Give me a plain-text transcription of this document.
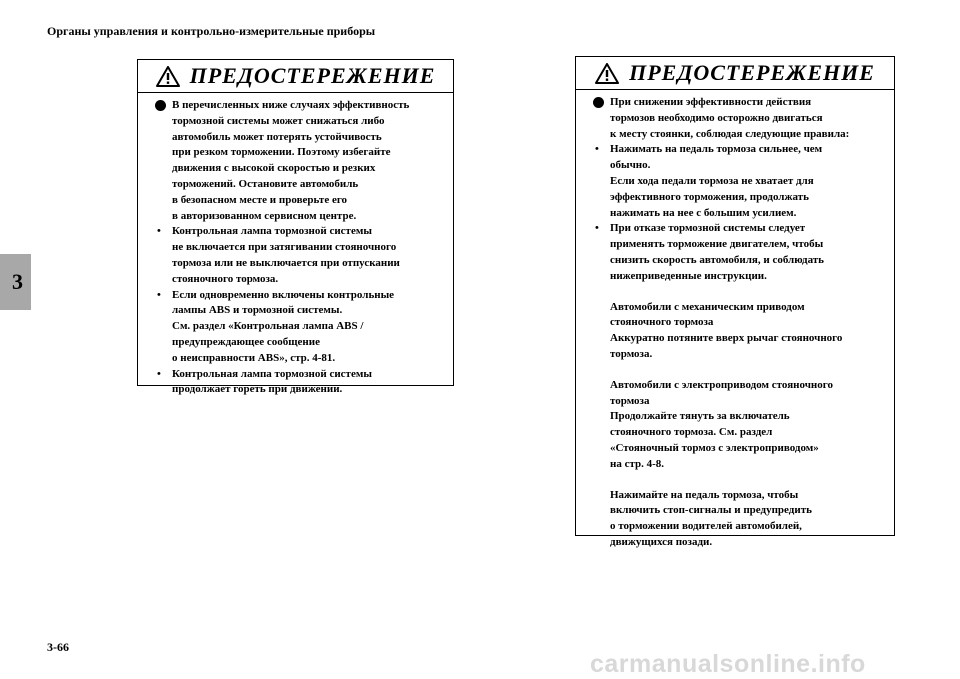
Органы управления и контрольно-измерительные приборы
3
ПРЕДОСТЕРЕЖЕНИЕ
В перечисленных ниже случаях эффективность
тормозной системы может снижаться либо
автомобиль может потерять устойчивость
при резком торможении. Поэтому избегайте
движения с высокой скоростью и резких
торможений. Остановите автомобиль
в безопасном месте и проверьте его
в авторизованном сервисном центре.
• Контрольная лампа тормозной системы
не включается при затягивании стояночного
тормоза или не выключается при отпускании
стояночного тормоза.
• Если одновременно включены контрольные
лампы ABS и тормозной системы.
См. раздел «Контрольная лампа ABS /
предупреждающее сообщение
о неисправности ABS», стр. 4-81.
• Контрольная лампа тормозной системы
продолжает гореть при движении.
ПРЕДОСТЕРЕЖЕНИЕ
При снижении эффективности действия
тормозов необходимо осторожно двигаться
к месту стоянки, соблюдая следующие правила:
• Нажимать на педаль тормоза сильнее, чем
обычно.
Если хода педали тормоза не хватает для
эффективного торможения, продолжать
нажимать на нее с большим усилием.
• При отказе тормозной системы следует
применять торможение двигателем, чтобы
снизить скорость автомобиля, и соблюдать
нижеприведенные инструкции.
Автомобили с механическим приводом
стояночного тормоза
Аккуратно потяните вверх рычаг стояночного
тормоза.
Автомобили с электроприводом стояночного
тормоза
Продолжайте тянуть за включатель
стояночного тормоза. См. раздел
«Стояночный тормоз с электроприводом»
на стр. 4-8.
Нажимайте на педаль тормоза, чтобы
включить стоп-сигналы и предупредить
о торможении водителей автомобилей,
движущихся позади.
3-66
carmanualsonline.info
